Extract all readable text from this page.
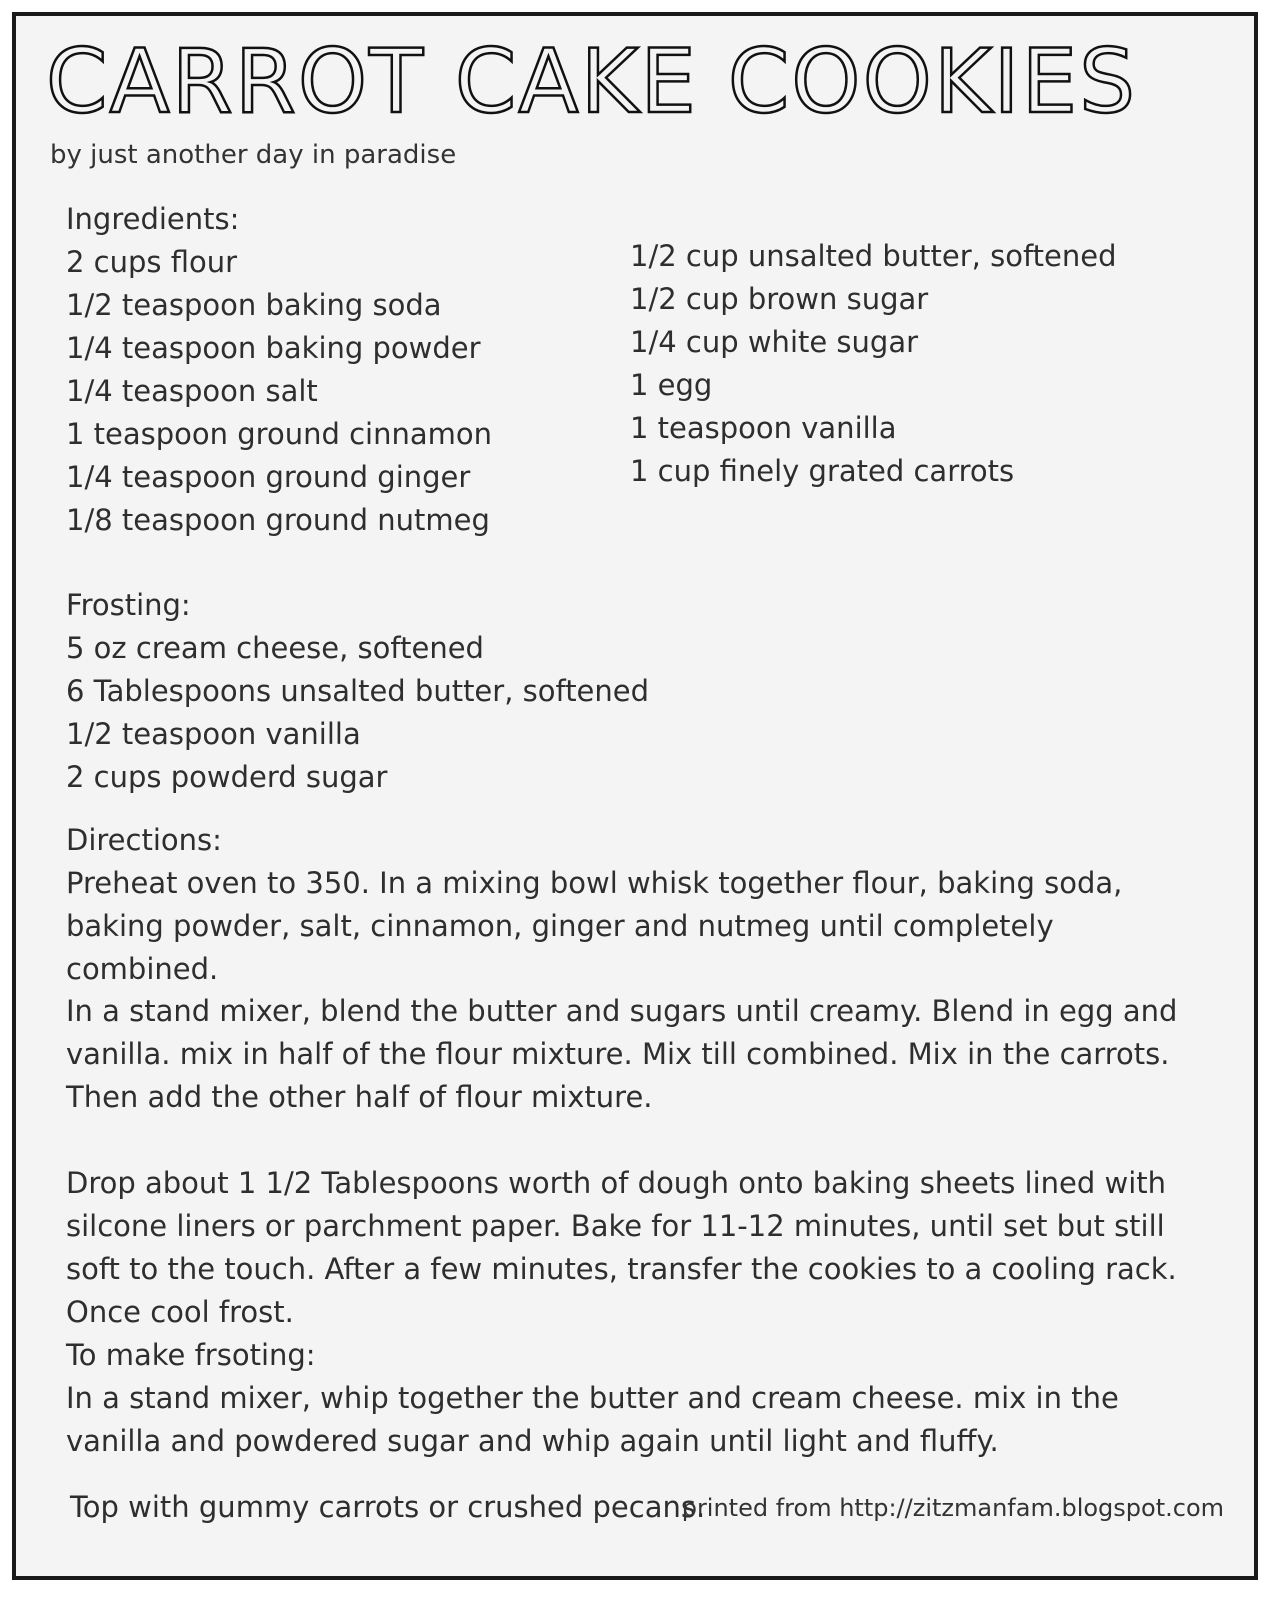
CARROT CAKE COOKIES
by just another day in paradise
Ingredients:
2 cups flour
1/2 teaspoon baking soda
1/4 teaspoon baking powder
1/4 teaspoon salt
1 teaspoon ground cinnamon
1/4 teaspoon ground ginger
1/8 teaspoon ground nutmeg
1/2 cup unsalted butter, softened
1/2 cup brown sugar
1/4 cup white sugar
1 egg
1 teaspoon vanilla
1 cup finely grated carrots
Frosting:
5 oz cream cheese, softened
6 Tablespoons unsalted butter, softened
1/2 teaspoon vanilla
2 cups powderd sugar

Directions:

Preheat oven to 350. In a mixing bowl whisk together flour, baking soda, baking powder, salt, cinnamon, ginger and nutmeg until completely combined.

In a stand mixer, blend the butter and sugars until creamy. Blend in egg and vanilla. mix in half of the flour mixture. Mix till combined. Mix in the carrots. Then add the other half of flour mixture.

Drop about 1 1/2 Tablespoons worth of dough onto baking sheets lined with silcone liners or parchment paper. Bake for 11-12 minutes, until set but still soft to the touch. After a few minutes, transfer the cookies to a cooling rack. Once cool frost.

To make frsoting:

In a stand mixer, whip together the butter and cream cheese. mix in the vanilla and powdered sugar and whip again until light and fluffy.

Top with gummy carrots or crushed pecans.
printed from http://zitzmanfam.blogspot.com
